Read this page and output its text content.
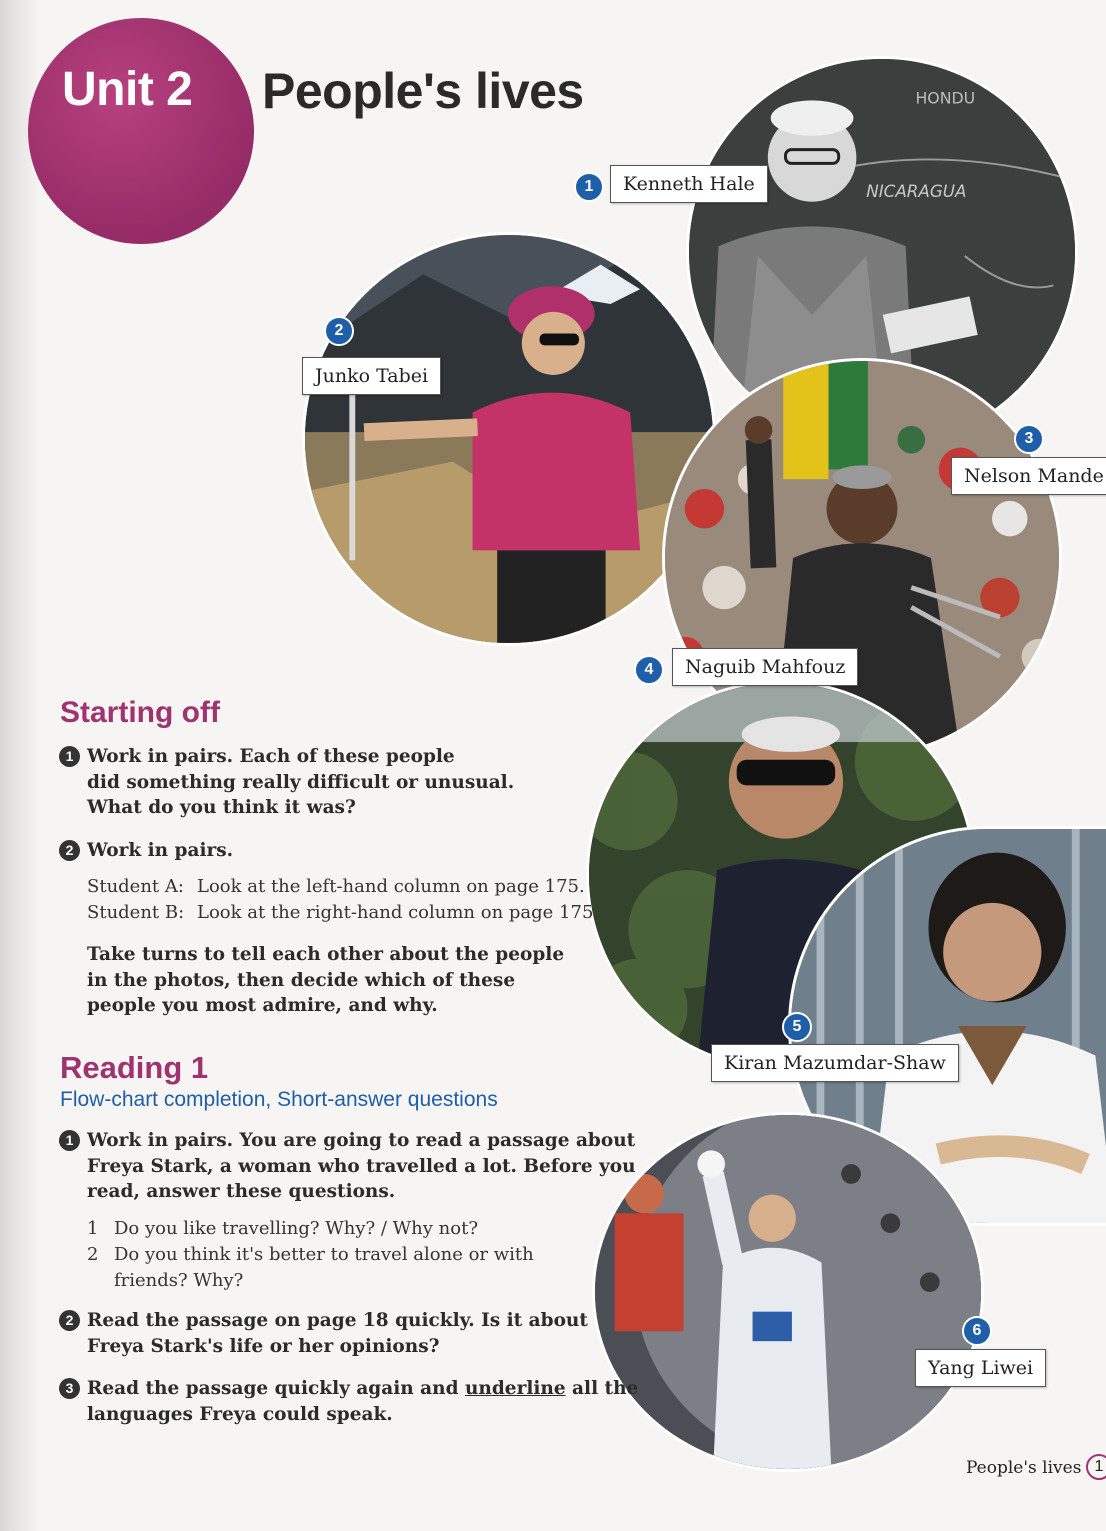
Unit 2 People's lives	HONDU
NICARAGUA
1	Kenneth Hale
2
Junko Tabei
3
Nelson Mande
4	Naguib Mahfouz
5
Kiran Mazumdar-Shaw
6
Yang Liwei
Starting off
1 Work in pairs. Each of these people
did something really difficult or unusual.
What do you think it was?
2 Work in pairs.
Student A: Look at the left-hand column on page 175.
Student B: Look at the right-hand column on page 175.
Take turns to tell each other about the people
in the photos, then decide which of these
people you most admire, and why.
Reading 1
Flow-chart completion, Short-answer questions
1 Work in pairs. You are going to read a passage about
Freya Stark, a woman who travelled a lot. Before you
read, answer these questions.
1 Do you like travelling? Why? / Why not?
2 Do you think it's better to travel alone or with
friends? Why?
2 Read the passage on page 18 quickly. Is it about
Freya Stark's life or her opinions?
3 Read the passage quickly again and underline all the
languages Freya could speak.
People's lives 1
